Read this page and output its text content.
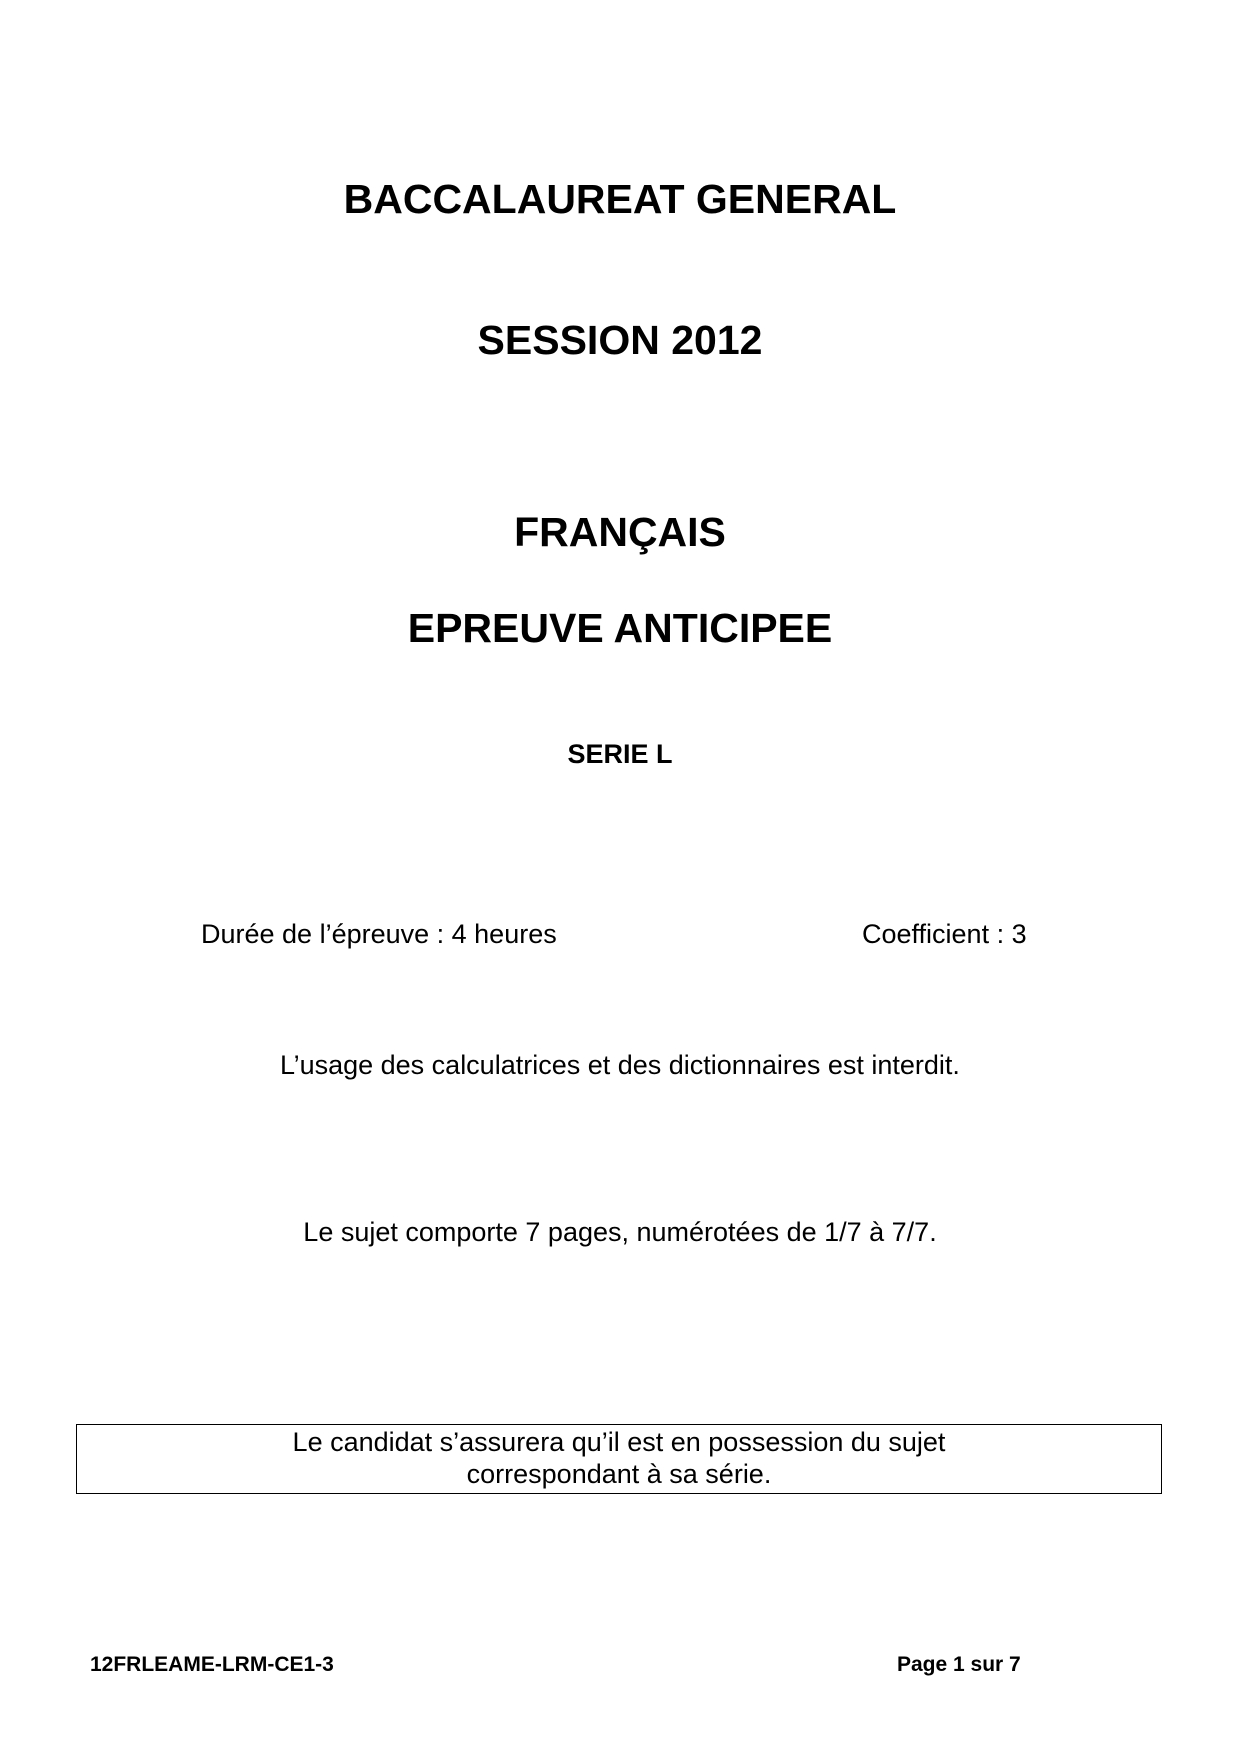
BACCALAUREAT GENERAL
SESSION 2012
FRANÇAIS
EPREUVE ANTICIPEE
SERIE L
Durée de l’épreuve : 4 heures	Coefficient : 3
L’usage des calculatrices et des dictionnaires est interdit.
Le sujet comporte 7 pages, numérotées de 1/7 à 7/7.
Le candidat s’assurera qu’il est en possession du sujet
correspondant à sa série.
12FRLEAME-LRM-CE1-3	Page 1 sur 7
